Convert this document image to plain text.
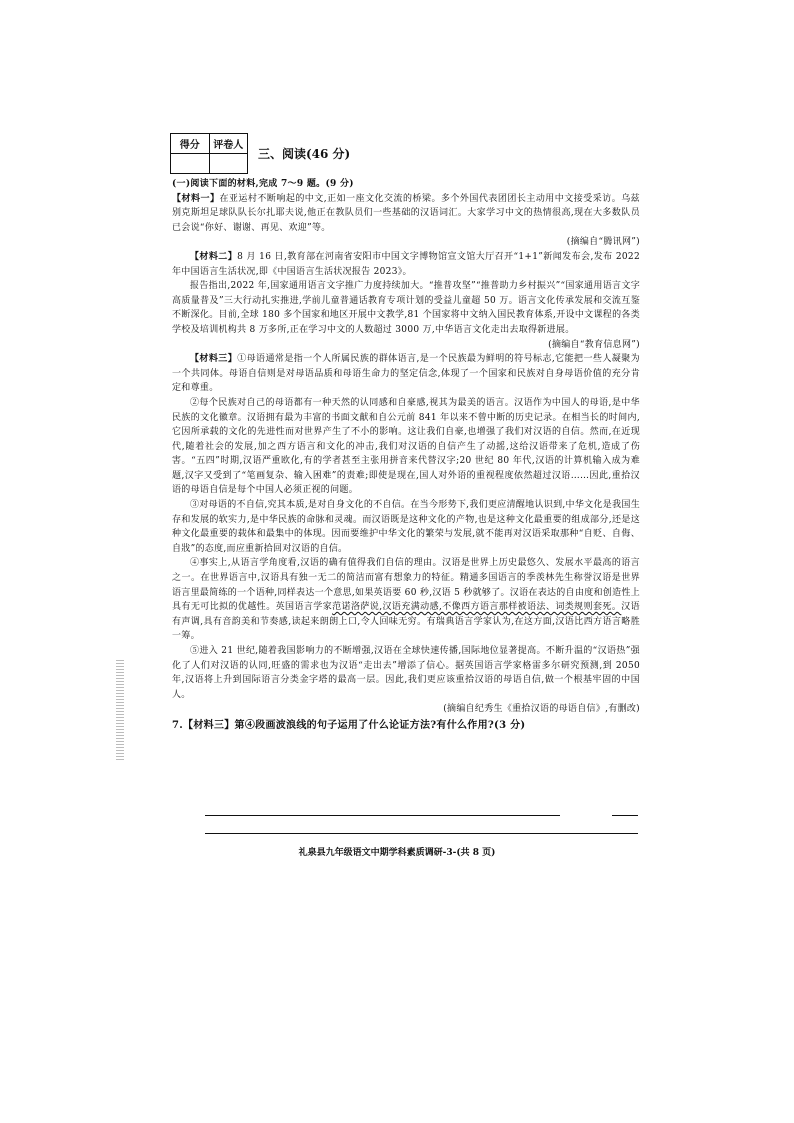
得分	评卷人

三、阅读(46 分)

(一)阅读下面的材料,完成 7～9 题。(9 分)

【材料一】在亚运村不断响起的中文,正如一座文化交流的桥梁。多个外国代表团团长主动用中文接受采访。乌兹别克斯坦足球队队长尔扎耶夫说,他正在教队员们一些基础的汉语词汇。大家学习中文的热情很高,现在大多数队员已会说“你好、谢谢、再见、欢迎”等。

(摘编自“腾讯网”)

【材料二】8 月 16 日,教育部在河南省安阳市中国文字博物馆宣文馆大厅召开“1+1”新闻发布会,发布 2022 年中国语言生活状况,即《中国语言生活状况报告 2023》。

报告指出,2022 年,国家通用语言文字推广力度持续加大。“推普攻坚”“推普助力乡村振兴”“国家通用语言文字高质量普及”三大行动扎实推进,学前儿童普通话教育专项计划的受益儿童超 50 万。语言文化传承发展和交流互鉴不断深化。目前,全球 180 多个国家和地区开展中文教学,81 个国家将中文纳入国民教育体系,开设中文课程的各类学校及培训机构共 8 万多所,正在学习中文的人数超过 3000 万,中华语言文化走出去取得新进展。

(摘编自“教育信息网”)

【材料三】①母语通常是指一个人所属民族的群体语言,是一个民族最为鲜明的符号标志,它能把一些人凝聚为一个共同体。母语自信则是对母语品质和母语生命力的坚定信念,体现了一个国家和民族对自身母语价值的充分肯定和尊重。

②每个民族对自己的母语都有一种天然的认同感和自豪感,视其为最美的语言。汉语作为中国人的母语,是中华民族的文化徽章。汉语拥有最为丰富的书面文献和自公元前 841 年以来不曾中断的历史记录。在相当长的时间内,它因所承载的文化的先进性而对世界产生了不小的影响。这让我们自豪,也增强了我们对汉语的自信。然而,在近现代,随着社会的发展,加之西方语言和文化的冲击,我们对汉语的自信产生了动摇,这给汉语带来了危机,造成了伤害。“五四”时期,汉语严重欧化,有的学者甚至主张用拼音来代替汉字;20 世纪 80 年代,汉语的计算机输入成为难题,汉字又受到了“笔画复杂、输入困难”的责难;即使是现在,国人对外语的重视程度依然超过汉语……因此,重拾汉语的母语自信是每个中国人必须正视的问题。

③对母语的不自信,究其本质,是对自身文化的不自信。在当今形势下,我们更应清醒地认识到,中华文化是我国生存和发展的软实力,是中华民族的命脉和灵魂。而汉语既是这种文化的产物,也是这种文化最重要的组成部分,还是这种文化最重要的载体和最集中的体现。因而要维护中华文化的繁荣与发展,就不能再对汉语采取那种“自贬、自侮、自戕”的态度,而应重新拾回对汉语的自信。

④事实上,从语言学角度看,汉语的确有值得我们自信的理由。汉语是世界上历史最悠久、发展水平最高的语言之一。在世界语言中,汉语具有独一无二的简洁而富有想象力的特征。精通多国语言的季羡林先生称誉汉语是世界语言里最简练的一个语种,同样表达一个意思,如果英语要 60 秒,汉语 5 秒就够了。汉语在表达的自由度和创造性上具有无可比拟的优越性。英国语言学家范诺洛萨说,汉语充满动感,不像西方语言那样被语法、词类规则套死。汉语有声调,具有音韵美和节奏感,读起来朗朗上口,令人回味无穷。有瑞典语言学家认为,在这方面,汉语比西方语言略胜一筹。

⑤进入 21 世纪,随着我国影响力的不断增强,汉语在全球快速传播,国际地位显著提高。不断升温的“汉语热”强化了人们对汉语的认同,旺盛的需求也为汉语“走出去”增添了信心。据英国语言学家格雷多尔研究预测,到 2050 年,汉语将上升到国际语言分类金字塔的最高一层。因此,我们更应该重拾汉语的母语自信,做一个根基牢固的中国人。

(摘编自纪秀生《重拾汉语的母语自信》,有删改)

7.【材料三】第④段画波浪线的句子运用了什么论证方法?有什么作用?(3 分)

礼泉县九年级语文中期学科素质调研-3-(共 8 页)
